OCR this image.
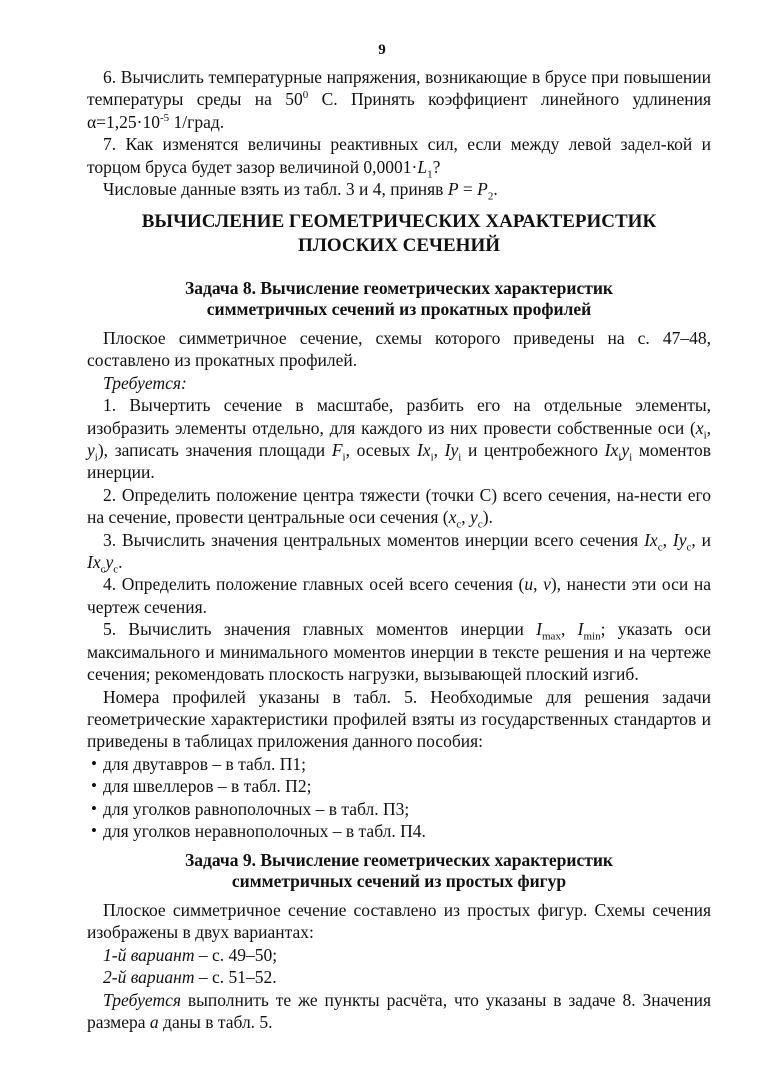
9

6. Вычислить температурные напряжения, возникающие в брусе при повышении температуры среды на $50^0$ С. Принять коэффициент линейного удлинения $\alpha=1,25\cdot 10^{-5}$ 1/град.

7. Как изменятся величины реактивных сил, если между левой задел-кой и торцом бруса будет зазор величиной $0,0001\cdot L_1$?

Числовые данные взять из табл. 3 и 4, приняв $P = P_2$.

ВЫЧИСЛЕНИЕ ГЕОМЕТРИЧЕСКИХ ХАРАКТЕРИСТИК

ПЛОСКИХ СЕЧЕНИЙ

Задача 8. Вычисление геометрических характеристик

симметричных сечений из прокатных профилей

Плоское симметричное сечение, схемы которого приведены на с. 47–48, составлено из прокатных профилей.

Требуется:

1. Вычертить сечение в масштабе, разбить его на отдельные элементы, изобразить элементы отдельно, для каждого из них провести собственные оси ($x_i$, $y_i$), записать значения площади $F_i$, осевых $Ix_i$, $Iy_i$ и центробежного $Ix_iy_i$ моментов инерции.

2. Определить положение центра тяжести (точки С) всего сечения, на-нести его на сечение, провести центральные оси сечения ($x_c$, $y_c$).

3. Вычислить значения центральных моментов инерции всего сечения $Ix_c$, $Iy_c$, и $Ix_cy_c$.

4. Определить положение главных осей всего сечения (u, v), нанести эти оси на чертеж сечения.

5. Вычислить значения главных моментов инерции $I_{max}$, $I_{min}$; указать оси максимального и минимального моментов инерции в тексте решения и на чертеже сечения; рекомендовать плоскость нагрузки, вызывающей плоский изгиб.

Номера профилей указаны в табл. 5. Необходимые для решения задачи геометрические характеристики профилей взяты из государственных стандартов и приведены в таблицах приложения данного пособия:

• для двутавров – в табл. П1;
• для швеллеров – в табл. П2;
• для уголков равнополочных – в табл. П3;
• для уголков неравнополочных – в табл. П4.

Задача 9. Вычисление геометрических характеристик

симметричных сечений из простых фигур

Плоское симметричное сечение составлено из простых фигур. Схемы сечения изображены в двух вариантах:

1-й вариант – с. 49–50;

2-й вариант – с. 51–52.

Требуется выполнить те же пункты расчёта, что указаны в задаче 8. Значения размера a даны в табл. 5.
